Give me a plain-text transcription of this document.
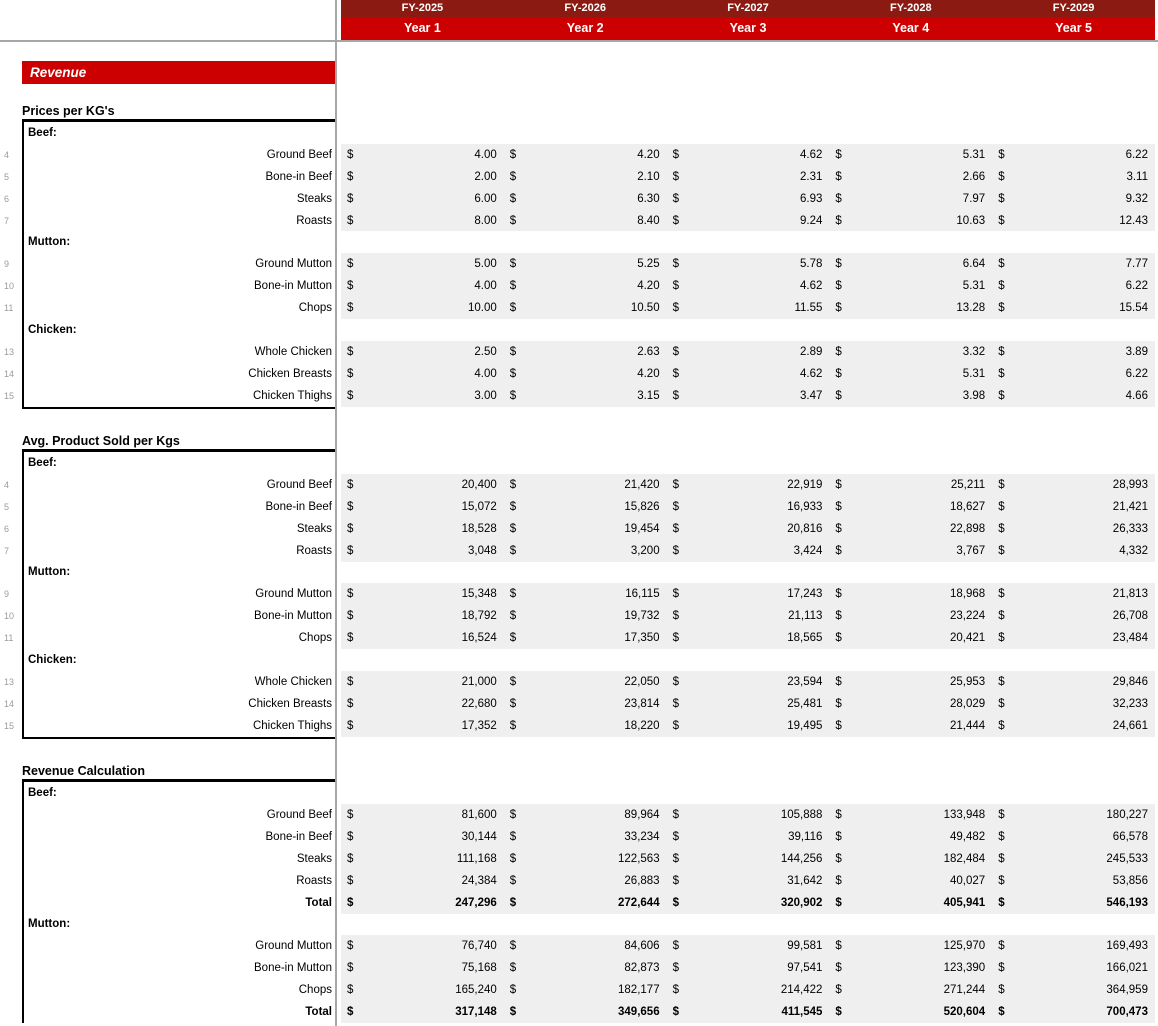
FY-2025	FY-2026	FY-2027	FY-2028	FY-2029
Year 1	Year 2	Year 3	Year 4	Year 5
Revenue
Prices per KG's
Beef:
4	Ground Beef $	4.00 $	4.20 $	4.62 $	5.31 $	6.22
5	Bone-in Beef $	2.00 $	2.10 $	2.31 $	2.66 $	3.11
6	Steaks $	6.00 $	6.30 $	6.93 $	7.97 $	9.32
7	Roasts $	8.00 $	8.40 $	9.24 $	10.63 $	12.43
Mutton:
9	Ground Mutton $	5.00 $	5.25 $	5.78 $	6.64 $	7.77
10	Bone-in Mutton $	4.00 $	4.20 $	4.62 $	5.31 $	6.22
11	Chops $	10.00 $	10.50 $	11.55 $	13.28 $	15.54
Chicken:
13	Whole Chicken $	2.50 $	2.63 $	2.89 $	3.32 $	3.89
14	Chicken Breasts $	4.00 $	4.20 $	4.62 $	5.31 $	6.22
15	Chicken Thighs $	3.00 $	3.15 $	3.47 $	3.98 $	4.66
Avg. Product Sold per Kgs
Beef:
4	Ground Beef $	20,400 $	21,420 $	22,919 $	25,211 $	28,993
5	Bone-in Beef $	15,072 $	15,826 $	16,933 $	18,627 $	21,421
6	Steaks $	18,528 $	19,454 $	20,816 $	22,898 $	26,333
7	Roasts $	3,048 $	3,200 $	3,424 $	3,767 $	4,332
Mutton:
9	Ground Mutton $	15,348 $	16,115 $	17,243 $	18,968 $	21,813
10	Bone-in Mutton $	18,792 $	19,732 $	21,113 $	23,224 $	26,708
11	Chops $	16,524 $	17,350 $	18,565 $	20,421 $	23,484
Chicken:
13	Whole Chicken $	21,000 $	22,050 $	23,594 $	25,953 $	29,846
14	Chicken Breasts $	22,680 $	23,814 $	25,481 $	28,029 $	32,233
15	Chicken Thighs $	17,352 $	18,220 $	19,495 $	21,444 $	24,661
Revenue Calculation
Beef:
Ground Beef $	81,600 $	89,964 $	105,888 $	133,948 $	180,227
Bone-in Beef $	30,144 $	33,234 $	39,116 $	49,482 $	66,578
Steaks $	111,168 $	122,563 $	144,256 $	182,484 $	245,533
Roasts $	24,384 $	26,883 $	31,642 $	40,027 $	53,856
Total $	247,296 $	272,644 $	320,902 $	405,941 $	546,193
Mutton:
Ground Mutton $	76,740 $	84,606 $	99,581 $	125,970 $	169,493
Bone-in Mutton $	75,168 $	82,873 $	97,541 $	123,390 $	166,021
Chops $	165,240 $	182,177 $	214,422 $	271,244 $	364,959
Total $	317,148 $	349,656 $	411,545 $	520,604 $	700,473
